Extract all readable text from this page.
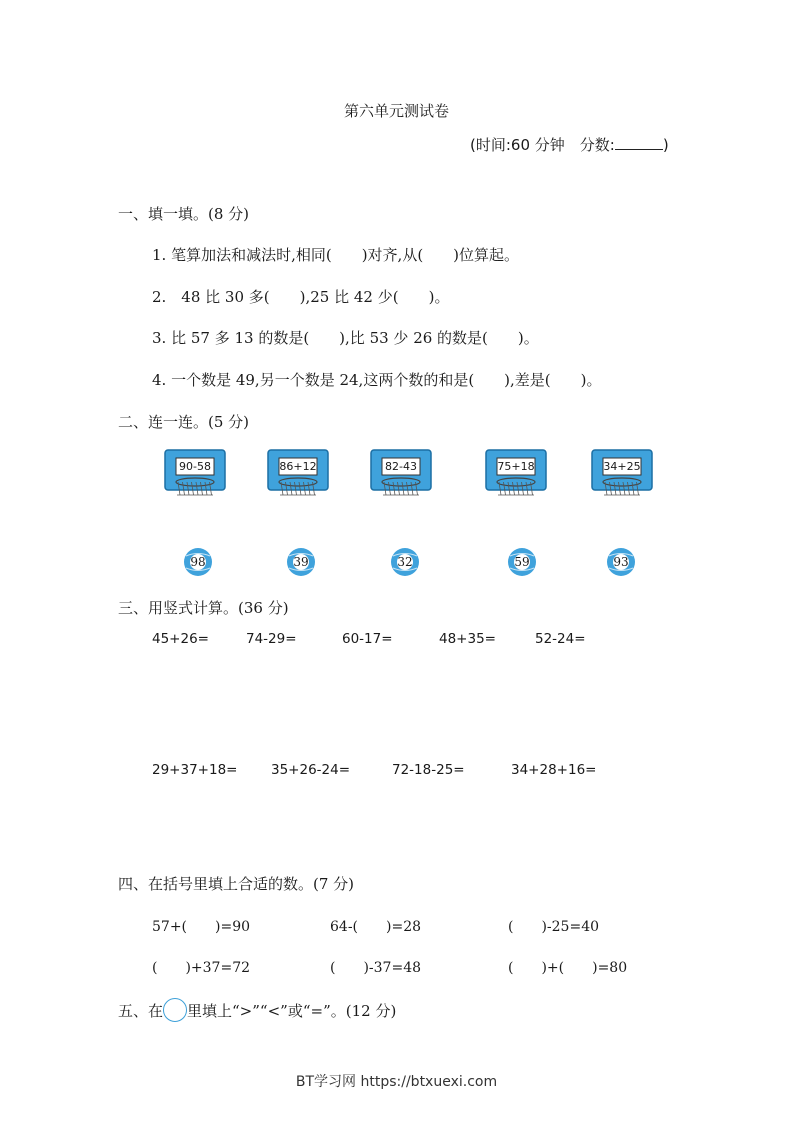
第六单元测试卷
(时间:60 分钟　分数:	)
一、填一填。(8 分)
1. 笔算加法和减法时,相同(　　)对齐,从(　　)位算起。
2.　48 比 30 多(　　),25 比 42 少(　　)。
3. 比 57 多 13 的数是(　　),比 53 少 26 的数是(　　)。
4. 一个数是 49,另一个数是 24,这两个数的和是(　　),差是(　　)。
二、连一连。(5 分)
90-58	86+12	82-43	75+18	34+25
98	39	32	59	93
三、用竖式计算。(36 分)
45+26=	74-29=	60-17=	48+35=	52-24=
29+37+18= 35+26-24=	72-18-25=	34+28+16=
四、在括号里填上合适的数。(7 分)
57+(　　)=90	64-(　　)=28	(　　)-25=40
(　　)+37=72	(　　)-37=48	(　　)+(　　)=80
五、在 里填上“>”“<”或“=”。(12 分)
BT学习网 https://btxuexi.com
